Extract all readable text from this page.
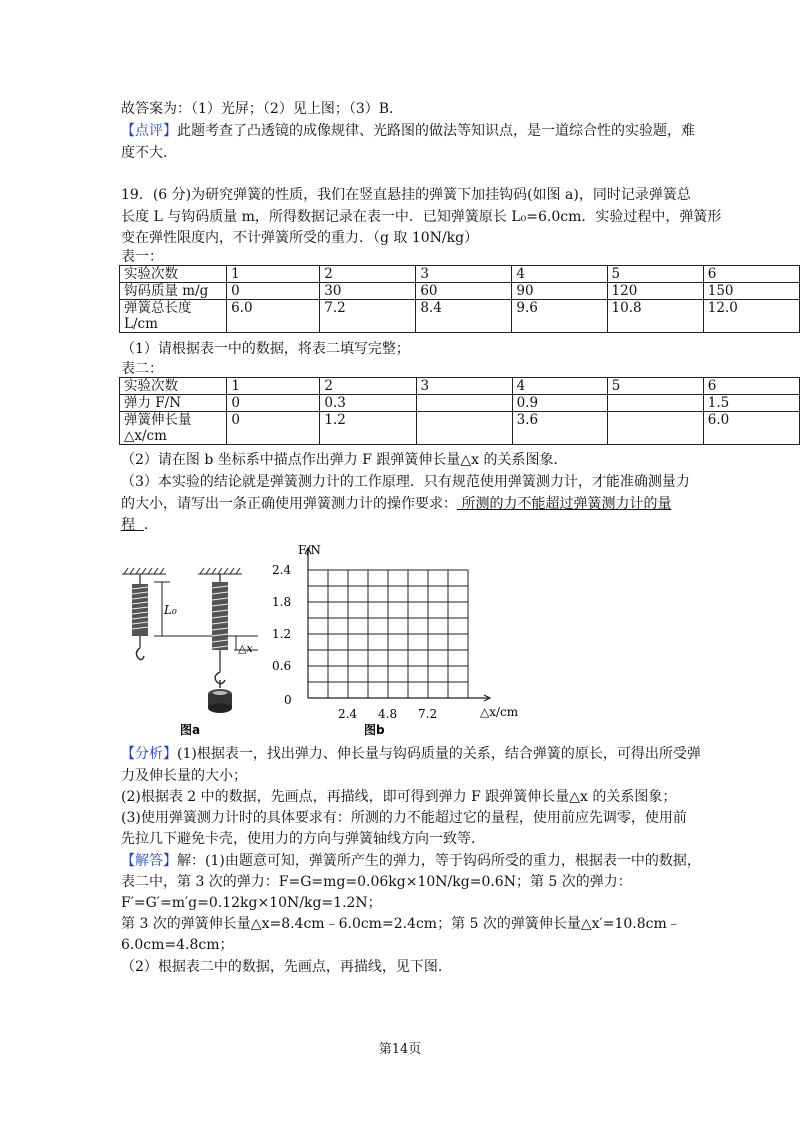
故答案为：（1）光屏；（2）见上图；（3）B．
【点评】此题考查了凸透镜的成像规律、光路图的做法等知识点，是一道综合性的实验题，难
度不大．
19．(6 分)为研究弹簧的性质，我们在竖直悬挂的弹簧下加挂钩码(如图 a)，同时记录弹簧总
长度 L 与钩码质量 m，所得数据记录在表一中．已知弹簧原长 L₀=6.0cm．实验过程中，弹簧形
变在弹性限度内，不计弹簧所受的重力．（g 取 10N/kg）
表一：
实验次数	1	2	3	4	5	6
钩码质量 m/g	0	30	60	90	120	150
弹簧总长度 L/cm	6.0	7.2	8.4	9.6	10.8	12.0
（1）请根据表一中的数据，将表二填写完整；
表二：
实验次数	1	2	3	4	5	6
弹力 F/N	0	0.3		0.9		1.5
弹簧伸长量 △x/cm	0	1.2		3.6		6.0
（2）请在图 b 坐标系中描点作出弹力 F 跟弹簧伸长量△x 的关系图象．
（3）本实验的结论就是弹簧测力计的工作原理．只有规范使用弹簧测力计，才能准确测量力
的大小，请写出一条正确使用弹簧测力计的操作要求： 所测的力不能超过弹簧测力计的量
程  ．
L₀
△x
图a
F/N
△x/cm
0
2.4
1.8
1.2
0.6
2.4 4.8 7.2
图b
【分析】(1)根据表一，找出弹力、伸长量与钩码质量的关系，结合弹簧的原长，可得出所受弹
力及伸长量的大小；
(2)根据表 2 中的数据，先画点，再描线，即可得到弹力 F 跟弹簧伸长量△x 的关系图象；
(3)使用弹簧测力计时的具体要求有：所测的力不能超过它的量程，使用前应先调零，使用前
先拉几下避免卡壳，使用力的方向与弹簧轴线方向一致等．
【解答】解：(1)由题意可知，弹簧所产生的弹力，等于钩码所受的重力，根据表一中的数据，
表二中，第 3 次的弹力：F=G=mg=0.06kg×10N/kg=0.6N；第 5 次的弹力：
F′=G′=m′g=0.12kg×10N/kg=1.2N；
第 3 次的弹簧伸长量△x=8.4cm﹣6.0cm=2.4cm；第 5 次的弹簧伸长量△x′=10.8cm﹣
6.0cm=4.8cm；
（2）根据表二中的数据，先画点，再描线，见下图．
第14页
